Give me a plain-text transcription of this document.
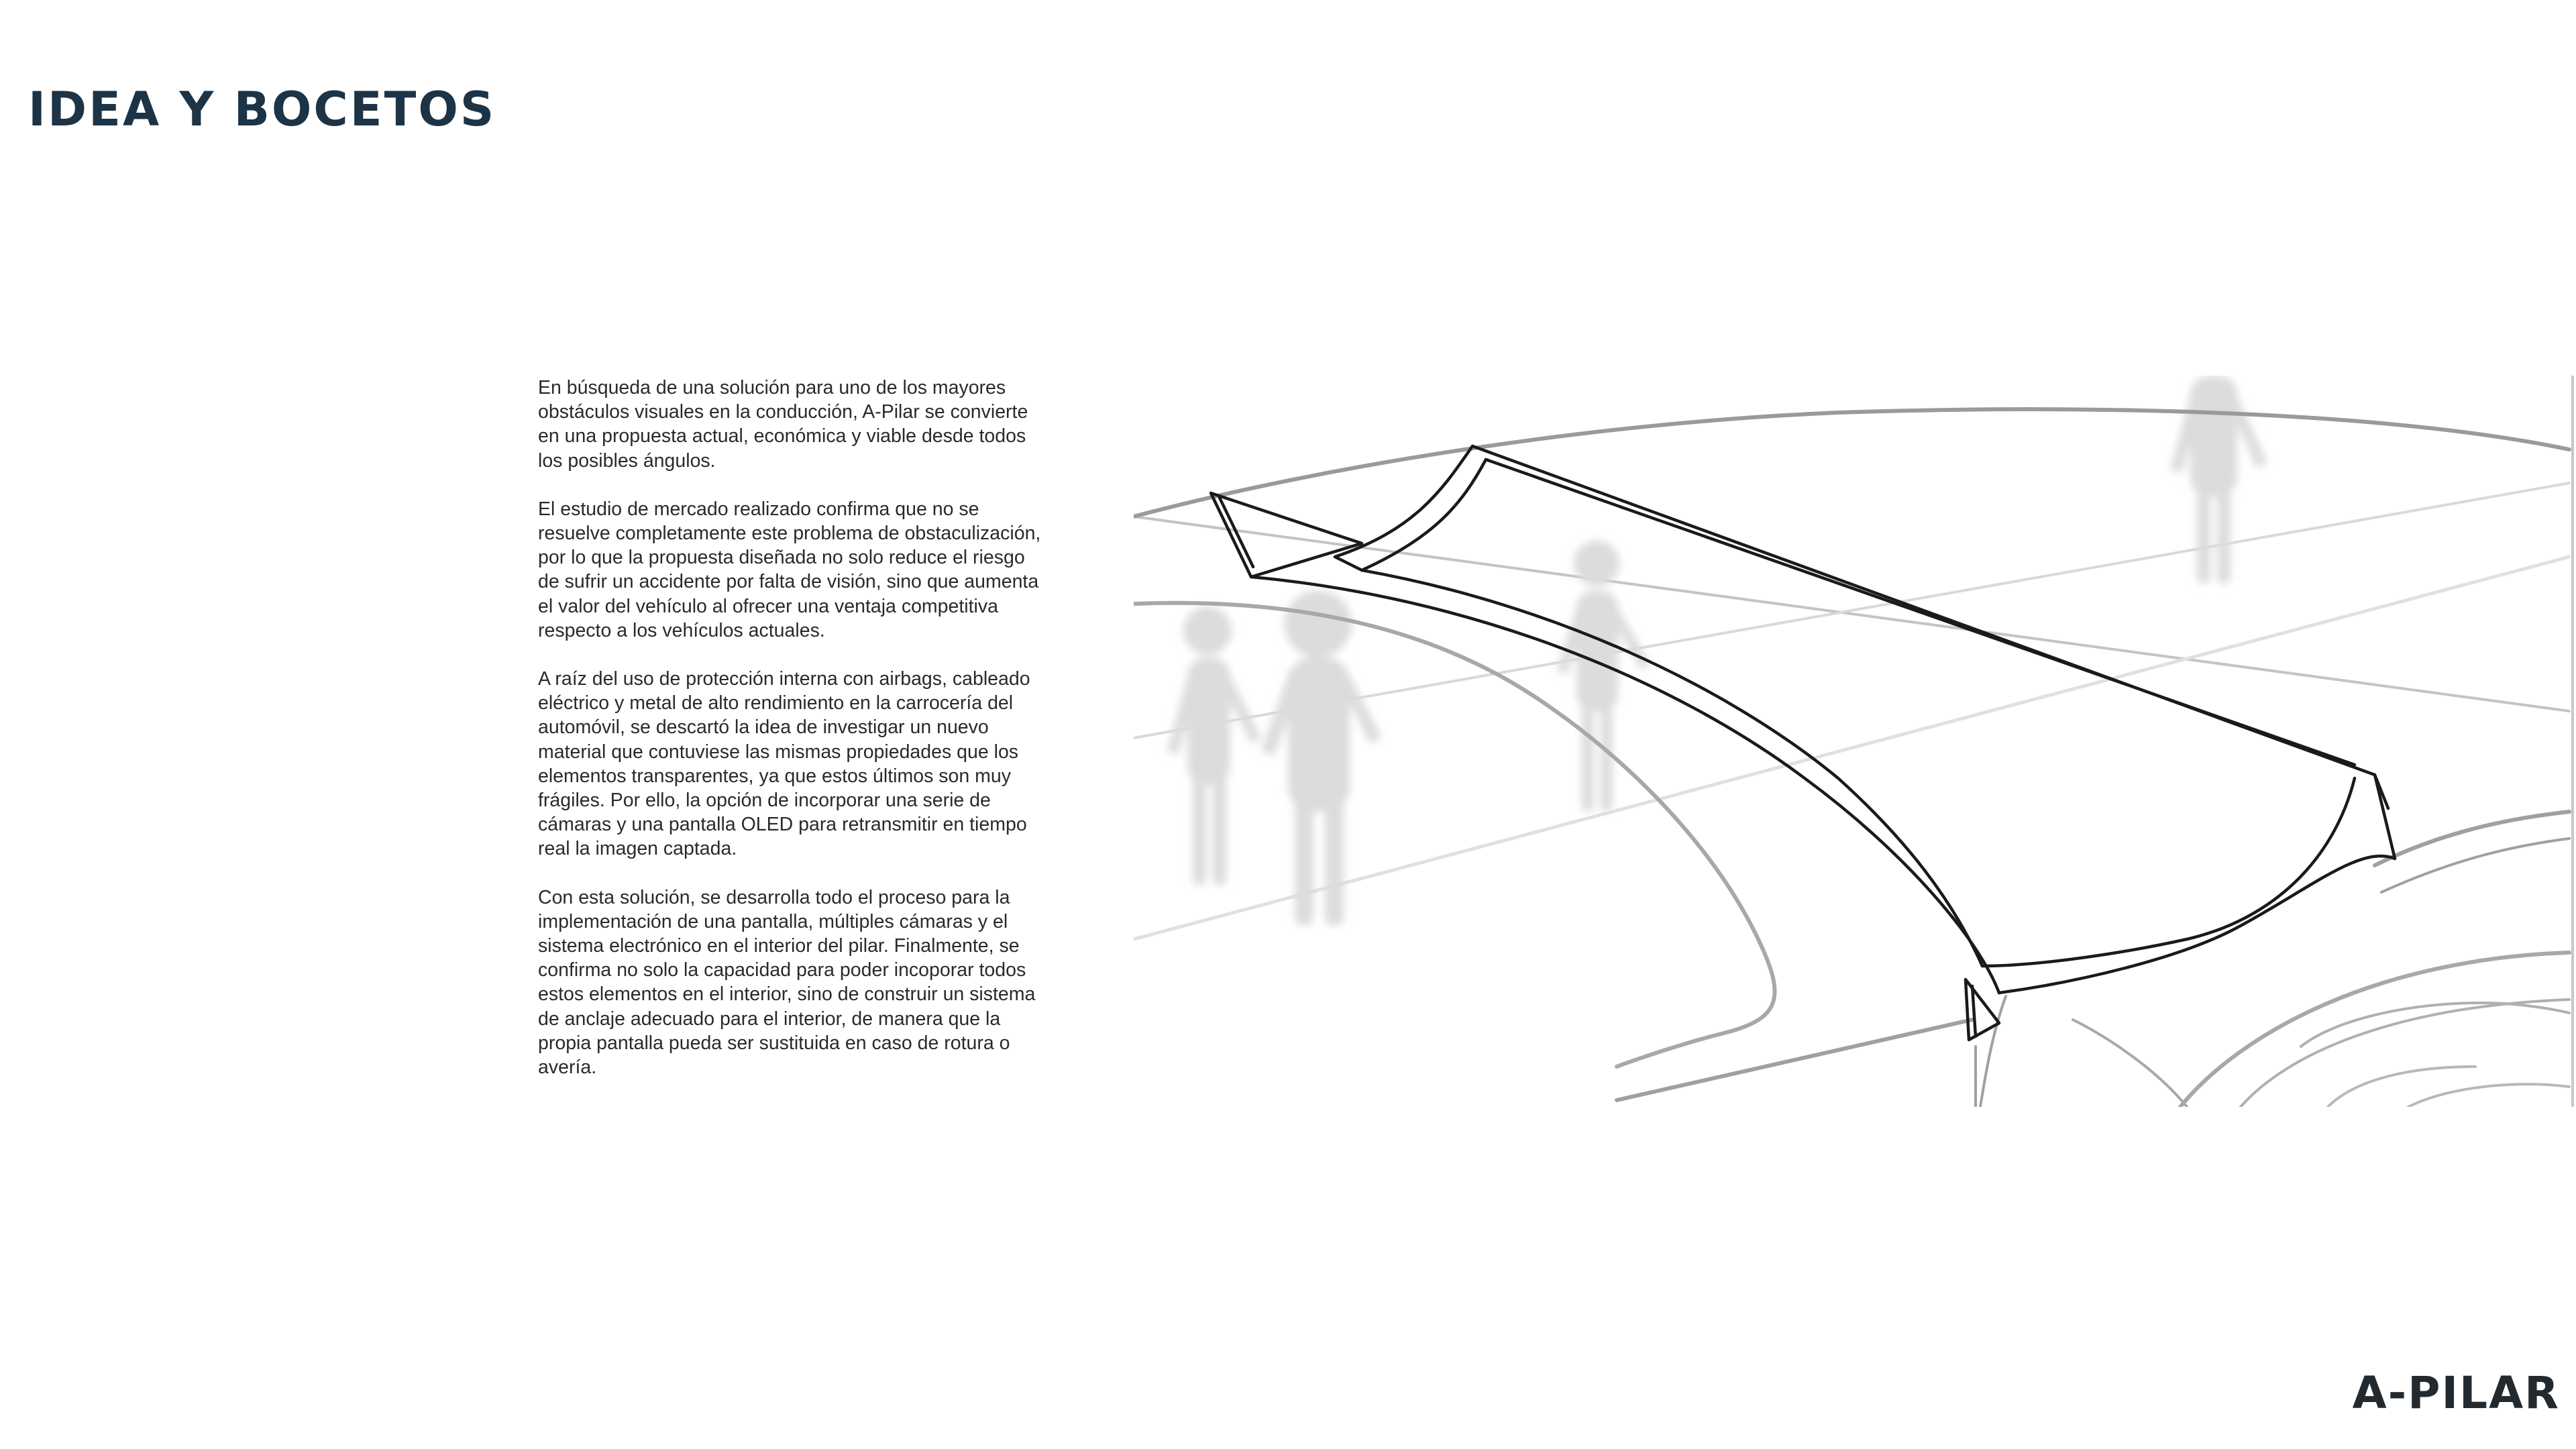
IDEA Y BOCETOS

En búsqueda de una solución para uno de los mayores obstáculos visuales en la conducción, A-Pilar se convierte en una propuesta actual, económica y viable desde todos los posibles ángulos.

El estudio de mercado realizado confirma que no se resuelve completamente este problema de obstaculización, por lo que la propuesta diseñada no solo reduce el riesgo de sufrir un accidente por falta de visión, sino que aumenta el valor del vehículo al ofrecer una ventaja competitiva respecto a los vehículos actuales.

A raíz del uso de protección interna con airbags, cableado eléctrico y metal de alto rendimiento en la carrocería del automóvil, se descartó la idea de investigar un nuevo material que contuviese las mismas propiedades que los elementos transparentes, ya que estos últimos son muy frágiles. Por ello, la opción de incorporar una serie de cámaras y una pantalla OLED para retransmitir en tiempo real la imagen captada.

Con esta solución, se desarrolla todo el proceso para la implementación de una pantalla, múltiples cámaras y el sistema electrónico en el interior del pilar. Finalmente, se confirma no solo la capacidad para poder incoporar todos estos elementos en el interior, sino de construir un sistema de anclaje adecuado para el interior, de manera que la propia pantalla pueda ser sustituida en caso de rotura o avería.

A-PILAR
